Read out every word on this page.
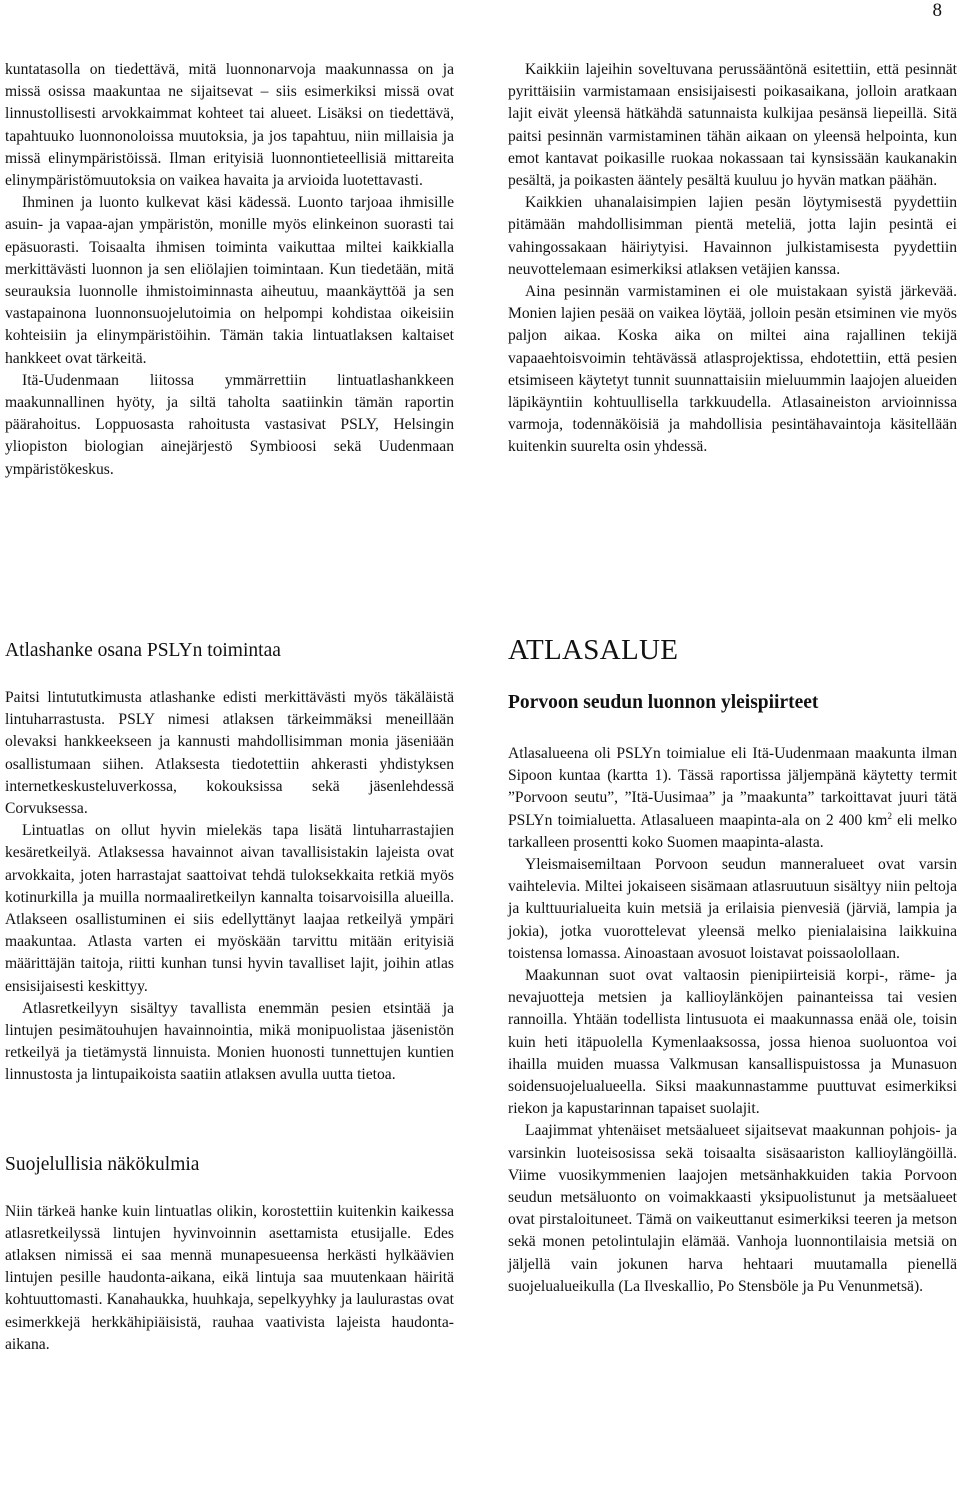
8

kuntatasolla on tiedettävä, mitä luonnonarvoja maakunnassa on ja missä osissa maakuntaa ne sijaitsevat – siis esimerkiksi missä ovat linnustollisesti arvokkaimmat kohteet tai alueet. Lisäksi on tiedettävä, tapahtuuko luonnonoloissa muutoksia, ja jos tapahtuu, niin millaisia ja missä elinympäristöissä. Ilman erityisiä luonnontieteellisiä mittareita elinympäristömuutoksia on vaikea havaita ja arvioida luotettavasti.

Ihminen ja luonto kulkevat käsi kädessä. Luonto tarjoaa ihmisille asuin- ja vapaa-ajan ympäristön, monille myös elinkeinon suorasti tai epäsuorasti. Toisaalta ihmisen toiminta vaikuttaa miltei kaikkialla merkittävästi luonnon ja sen eliölajien toimintaan. Kun tiedetään, mitä seurauksia luonnolle ihmistoiminnasta aiheutuu, maankäyttöä ja sen vastapainona luonnonsuojelutoimia on helpompi kohdistaa oikeisiin kohteisiin ja elinympäristöihin. Tämän takia lintuatlaksen kaltaiset hankkeet ovat tärkeitä.

Itä-Uudenmaan liitossa ymmärrettiin lintuatlashankkeen maakunnallinen hyöty, ja siltä taholta saatiinkin tämän raportin päärahoitus. Loppuosasta rahoitusta vastasivat PSLY, Helsingin yliopiston biologian ainejärjestö Symbioosi sekä Uudenmaan ympäristökeskus.

Kaikkiin lajeihin soveltuvana perussääntönä esitettiin, että pesinnät pyrittäisiin varmistamaan ensisijaisesti poikasaikana, jolloin aratkaan lajit eivät yleensä hätkähdä satunnaista kulkijaa pesänsä liepeillä. Sitä paitsi pesinnän varmistaminen tähän aikaan on yleensä helpointa, kun emot kantavat poikasille ruokaa nokassaan tai kynsissään kaukanakin pesältä, ja poikasten ääntely pesältä kuuluu jo hyvän matkan päähän.

Kaikkien uhanalaisimpien lajien pesän löytymisestä pyydettiin pitämään mahdollisimman pientä meteliä, jotta lajin pesintä ei vahingossakaan häiriytyisi. Havainnon julkistamisesta pyydettiin neuvottelemaan esimerkiksi atlaksen vetäjien kanssa.

Aina pesinnän varmistaminen ei ole muistakaan syistä järkevää. Monien lajien pesää on vaikea löytää, jolloin pesän etsiminen vie myös paljon aikaa. Koska aika on miltei aina rajallinen tekijä vapaaehtoisvoimin tehtävässä atlasprojektissa, ehdotettiin, että pesien etsimiseen käytetyt tunnit suunnattaisiin mieluummin laajojen alueiden läpikäyntiin kohtuullisella tarkkuudella. Atlasaineiston arvioinnissa varmoja, todennäköisiä ja mahdollisia pesintähavaintoja käsitellään kuitenkin suurelta osin yhdessä.

Atlashanke osana PSLYn toimintaa

Paitsi lintututkimusta atlashanke edisti merkittävästi myös täkäläistä lintuharrastusta. PSLY nimesi atlaksen tärkeimmäksi meneillään olevaksi hankkeekseen ja kannusti mahdollisimman monia jäseniään osallistumaan siihen. Atlaksesta tiedotettiin ahkerasti yhdistyksen internetkeskusteluverkossa, kokouksissa sekä jäsenlehdessä Corvuksessa.

Lintuatlas on ollut hyvin mielekäs tapa lisätä lintuharrastajien kesäretkeilyä. Atlaksessa havainnot aivan tavallisistakin lajeista ovat arvokkaita, joten harrastajat saattoivat tehdä tuloksekkaita retkiä myös kotinurkilla ja muilla normaaliretkeilyn kannalta toisarvoisilla alueilla. Atlakseen osallistuminen ei siis edellyttänyt laajaa retkeilyä ympäri maakuntaa. Atlasta varten ei myöskään tarvittu mitään erityisiä määrittäjän taitoja, riitti kunhan tunsi hyvin tavalliset lajit, joihin atlas ensisijaisesti keskittyy.

Atlasretkeilyyn sisältyy tavallista enemmän pesien etsintää ja lintujen pesimätouhujen havainnointia, mikä monipuolistaa jäsenistön retkeilyä ja tietämystä linnuista. Monien huonosti tunnettujen kuntien linnustosta ja lintupaikoista saatiin atlaksen avulla uutta tietoa.

Suojelullisia näkökulmia

Niin tärkeä hanke kuin lintuatlas olikin, korostettiin kuitenkin kaikessa atlasretkeilyssä lintujen hyvinvoinnin asettamista etusijalle. Edes atlaksen nimissä ei saa mennä munapesueensa herkästi hylkäävien lintujen pesille haudonta-aikana, eikä lintuja saa muutenkaan häiritä kohtuuttomasti. Kanahaukka, huuhkaja, sepelkyyhky ja laulurastas ovat esimerkkejä herkkähipiäisistä, rauhaa vaativista lajeista haudonta-aikana.

ATLASALUE
Porvoon seudun luonnon yleispiirteet

Atlasalueena oli PSLYn toimialue eli Itä-Uudenmaan maakunta ilman Sipoon kuntaa (kartta 1). Tässä raportissa jäljempänä käytetty termit ”Porvoon seutu”, ”Itä-Uusimaa” ja ”maakunta” tarkoittavat juuri tätä PSLYn toimialuetta. Atlasalueen maapinta-ala on 2 400 $km^2$ eli melko tarkalleen prosentti koko Suomen maapinta-alasta.

Yleismaisemiltaan Porvoon seudun manneralueet ovat varsin vaihtelevia. Miltei jokaiseen sisämaan atlasruutuun sisältyy niin peltoja ja kulttuurialueita kuin metsiä ja erilaisia pienvesiä (järviä, lampia ja jokia), jotka vuorottelevat yleensä melko pienialaisina laikkuina toistensa lomassa. Ainoastaan avosuot loistavat poissaolollaan.

Maakunnan suot ovat valtaosin pienipiirteisiä korpi-, räme- ja nevajuotteja metsien ja kallioylänköjen painanteissa tai vesien rannoilla. Yhtään todellista lintusuota ei maakunnassa enää ole, toisin kuin heti itäpuolella Kymenlaaksossa, jossa hienoa suoluontoa voi ihailla muiden muassa Valkmusan kansallispuistossa ja Munasuon soidensuojelualueella. Siksi maakunnastamme puuttuvat esimerkiksi riekon ja kapustarinnan tapaiset suolajit.

Laajimmat yhtenäiset metsäalueet sijaitsevat maakunnan pohjois- ja varsinkin luoteisosissa sekä toisaalta sisäsaariston kallioylängöillä. Viime vuosikymmenien laajojen metsänhakkuiden takia Porvoon seudun metsäluonto on voimakkaasti yksipuolistunut ja metsäalueet ovat pirstaloituneet. Tämä on vaikeuttanut esimerkiksi teeren ja metson sekä monen petolintulajin elämää. Vanhoja luonnontilaisia metsiä on jäljellä vain jokunen harva hehtaari muutamalla pienellä suojelualueikulla (La Ilveskallio, Po Stensböle ja Pu Venunmetsä).
